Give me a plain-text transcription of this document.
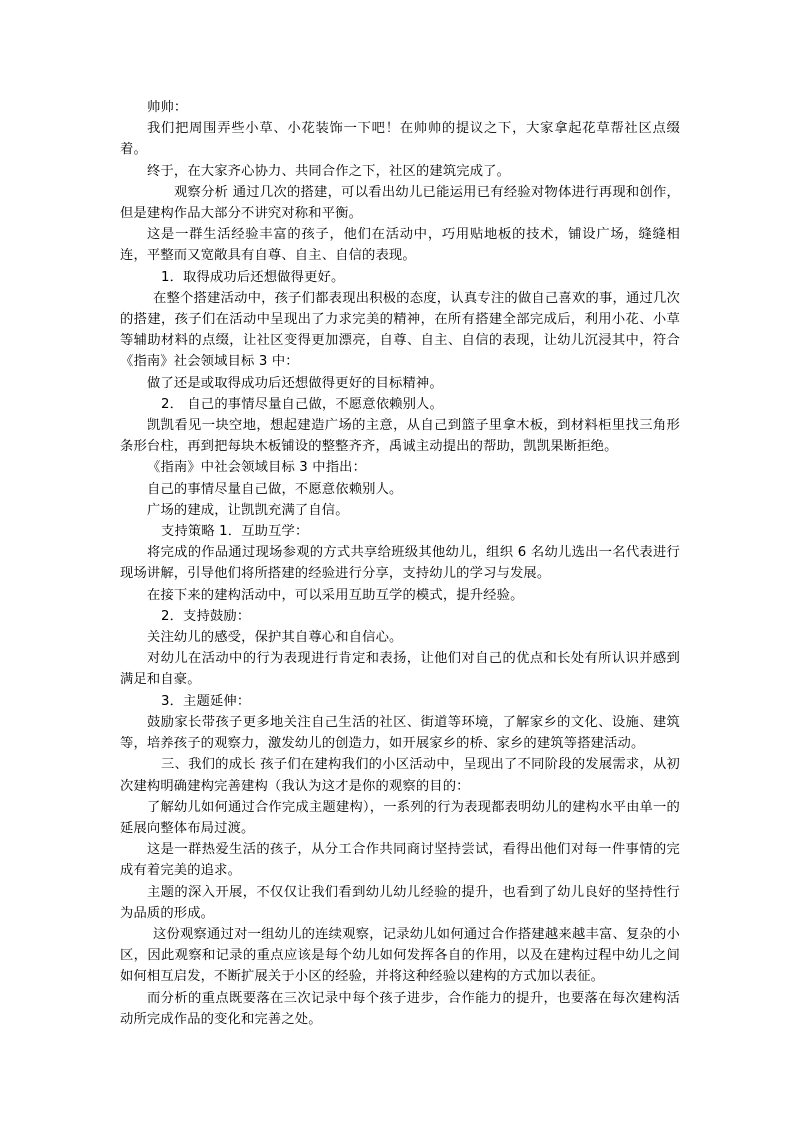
帅帅：

我们把周围弄些小草、小花装饰一下吧！在帅帅的提议之下，大家拿起花草帮社区点缀着。

终于，在大家齐心协力、共同合作之下，社区的建筑完成了。

观察分析 通过几次的搭建，可以看出幼儿已能运用已有经验对物体进行再现和创作，但是建构作品大部分不讲究对称和平衡。

这是一群生活经验丰富的孩子，他们在活动中，巧用贴地板的技术，铺设广场，缝缝相连，平整而又宽敞具有自尊、自主、自信的表现。

1．取得成功后还想做得更好。

在整个搭建活动中，孩子们都表现出积极的态度，认真专注的做自己喜欢的事，通过几次的搭建，孩子们在活动中呈现出了力求完美的精神，在所有搭建全部完成后，利用小花、小草等辅助材料的点缀，让社区变得更加漂亮，自尊、自主、自信的表现，让幼儿沉浸其中，符合《指南》社会领域目标 3 中：

做了还是或取得成功后还想做得更好的目标精神。

2． 自己的事情尽量自己做，不愿意依赖别人。

凯凯看见一块空地，想起建造广场的主意，从自己到篮子里拿木板，到材料柜里找三角形条形台柱，再到把每块木板铺设的整整齐齐，禹诚主动提出的帮助，凯凯果断拒绝。

《指南》中社会领域目标 3 中指出：

自己的事情尽量自己做，不愿意依赖别人。

广场的建成，让凯凯充满了自信。

支持策略 1．互助互学：

将完成的作品通过现场参观的方式共享给班级其他幼儿，组织 6 名幼儿选出一名代表进行现场讲解，引导他们将所搭建的经验进行分享，支持幼儿的学习与发展。

在接下来的建构活动中，可以采用互助互学的模式，提升经验。

2．支持鼓励：

关注幼儿的感受，保护其自尊心和自信心。

对幼儿在活动中的行为表现进行肯定和表扬，让他们对自己的优点和长处有所认识并感到满足和自豪。

3．主题延伸：

鼓励家长带孩子更多地关注自己生活的社区、街道等环境，了解家乡的文化、设施、建筑等，培养孩子的观察力，激发幼儿的创造力，如开展家乡的桥、家乡的建筑等搭建活动。

三、我们的成长 孩子们在建构我们的小区活动中，呈现出了不同阶段的发展需求，从初次建构明确建构完善建构（我认为这才是你的观察的目的：

了解幼儿如何通过合作完成主题建构），一系列的行为表现都表明幼儿的建构水平由单一的延展向整体布局过渡。

这是一群热爱生活的孩子，从分工合作共同商讨坚持尝试，看得出他们对每一件事情的完成有着完美的追求。

主题的深入开展，不仅仅让我们看到幼儿幼儿经验的提升，也看到了幼儿良好的坚持性行为品质的形成。

这份观察通过对一组幼儿的连续观察，记录幼儿如何通过合作搭建越来越丰富、复杂的小区，因此观察和记录的重点应该是每个幼儿如何发挥各自的作用，以及在建构过程中幼儿之间如何相互启发，不断扩展关于小区的经验，并将这种经验以建构的方式加以表征。

而分析的重点既要落在三次记录中每个孩子进步，合作能力的提升，也要落在每次建构活动所完成作品的变化和完善之处。
